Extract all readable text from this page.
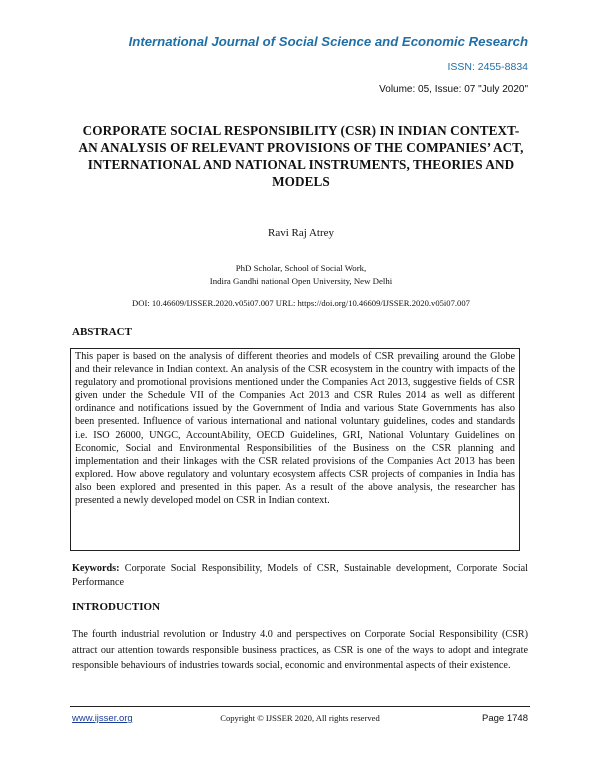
International Journal of Social Science and Economic Research
ISSN: 2455-8834
Volume: 05, Issue: 07 "July 2020"
CORPORATE SOCIAL RESPONSIBILITY (CSR) IN INDIAN CONTEXT- AN ANALYSIS OF RELEVANT PROVISIONS OF THE COMPANIES’ ACT, INTERNATIONAL AND NATIONAL INSTRUMENTS, THEORIES AND MODELS
Ravi Raj Atrey
PhD Scholar, School of Social Work,
Indira Gandhi national Open University, New Delhi
DOI: 10.46609/IJSSER.2020.v05i07.007 URL: https://doi.org/10.46609/IJSSER.2020.v05i07.007
ABSTRACT
This paper is based on the analysis of different theories and models of CSR prevailing around the Globe and their relevance in Indian context. An analysis of the CSR ecosystem in the country with impacts of the regulatory and promotional provisions mentioned under the Companies Act 2013, suggestive fields of CSR given under the Schedule VII of the Companies Act 2013 and CSR Rules 2014 as well as different ordinance and notifications issued by the Government of India and various State Governments has also been presented. Influence of various international and national voluntary guidelines, codes and standards i.e. ISO 26000, UNGC, AccountAbility, OECD Guidelines, GRI, National Voluntary Guidelines on Economic, Social and Environmental Responsibilities of the Business on the CSR planning and implementation and their linkages with the CSR related provisions of the Companies Act 2013 has been explored. How above regulatory and voluntary ecosystem affects CSR projects of companies in India has also been explored and presented in this paper. As a result of the above analysis, the researcher has presented a newly developed model on CSR in Indian context.
Keywords: Corporate Social Responsibility, Models of CSR, Sustainable development, Corporate Social Performance
INTRODUCTION
The fourth industrial revolution or Industry 4.0 and perspectives on Corporate Social Responsibility (CSR) attract our attention towards responsible business practices, as CSR is one of the ways to adopt and integrate responsible behaviours of industries towards social, economic and environmental aspects of their existence.
www.ijsser.org	Copyright © IJSSER 2020, All rights reserved	Page 1748
